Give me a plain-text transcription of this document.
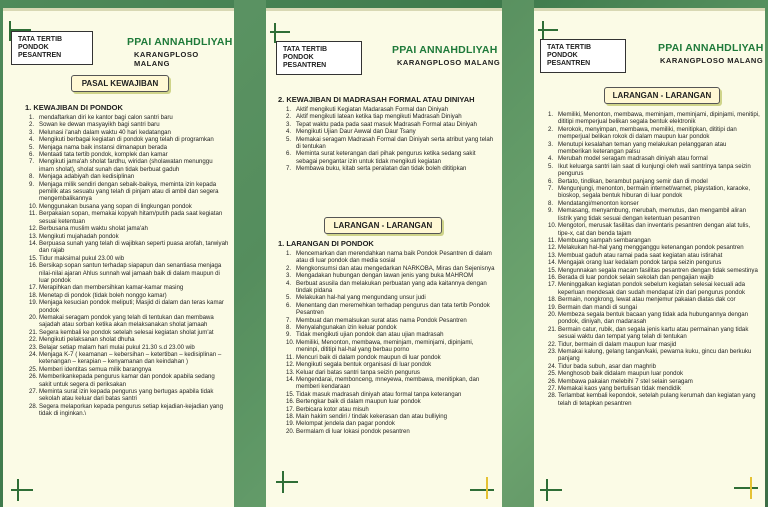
TATA TERTIB
PONDOK PESANTREN
PPAI ANNAHDLIYAH
KARANGPLOSO MALANG
PASAL KEWAJIBAN
1. KEWAJIBAN DI PONDOK
1. mendaftarkan diri ke kantor bagi calon santri baru
2. Sowan ke dewan masyayikh bagi santri baru
3. Melunasi i'anah dalam waktu 40 hari kedatangan
4. Mengikuti berbagai kegiatan di pondok yang telah di programkan
5. Menjaga nama baik instansi dimanapun berada
6. Mentaati tata tertib pondok, komplek dan kamar
7. Mengikuti jama'ah sholat fardhu, wiridan (sholawatan menunggu imam sholat), sholat sunah dan tidak berbuat gaduh
8. Menjaga adabiyah dan kedisiplinan
9. Menjaga milik sendiri dengan sebaik-baikya, meminta izin kepada pemilik atas sesuatu yang telah di pinjam atau di ambil dan segera mengembalikannya
10. Menggunakan busana yang sopan di lingkungan pondok
11. Berpakaian sopan, memakai kopyah hitam/putih pada saat kegiatan sesuai ketentuan
12. Berbusana muslim waktu sholat jama'ah
13. Mengikuti mujahadah pondok
14. Berpuasa sunah yang telah di wajibkan seperti puasa arofah, tarwiyah dan rajab
15. Tidur maksimal pukul 23.00 wib
16. Bersikap sopan santun terhadap siapapun dan senantiasa menjaga nilai-nilai ajaran Ahlus sunnah wal jamaah baik di dalam maupun di luar pondok
17. Merapihkan dan membersihkan kamar-kamar masing
18. Menetap di pondok (tidak boleh nonggo kamar)
19. Menjaga kesucian pondok meliputi; Masjid di dalam dan teras kamar pondok
20. Memakai seragam pondok yang telah di tentukan dan membawa sajadah atau sorban ketika akan melaksanakan sholat jamaah
21. Segera kembali ke pondok setelah selesai kegiatan sholat jum'at
22. Mengikuti pelaksanan sholat dhuha
23. Belajar setiap malam hari mulai pukul 21.30 s.d 23.00 wib
24. Menjaga K-7 ( keamanan – kebersihan – ketertiban – kedisiplinan – ketenangan – kerapian – kenyamanan dan keindahan )
25. Memberi identitas semua milik barangnya
26. Memberikankepada pengurus kamar dan pondok apabila sedang sakit untuk segera di periksakan
27. Meminta surat izin kepada pengurus yang bertugas apabila tidak sekolah atau keluar dari batas santri
28. Segera melaporkan kepada pengurus setiap kejadian-kejadian yang tidak di inginkan.\
TATA TERTIB
PONDOK PESANTREN
PPAI ANNAHDLIYAH
KARANGPLOSO MALANG
2. KEWAJIBAN DI MADRASAH FORMAL ATAU DINIYAH
1. Aktif mengikuti Kegiatan Madarasah Formal dan Diniyah
2. Aktif mengikuti latean ketika tiap mengikuti Madrasah Diniyah
3. Tepat waktu pada pada saat masuk Madrasah Formal atau Diniyah
4. Mengikuti Ujian Daur Awwal dan Daur Tsany
5. Memakai seragam Madrasah Formal dan Diniyah serta atribut yang telah di tentukan
6. Meminta surat keterangan dari pihak pengurus ketika sedang sakit sebagai pengantar izin untuk tidak mengikuti kegiatan
7. Membawa buku, kitab serta peralatan dan tidak boleh dititipkan
LARANGAN - LARANGAN
1. LARANGAN DI PONDOK
1. Mencemarkan dan merendahkan nama baik Pondok Pesantren di dalam atau di luar pondok dan media sosial
2. Mengkonsumsi dan atau mengedarkan NARKOBA, Miras dan Sejenisnya
3. Mengadakan hubungan dengan lawan jenis yang buka MAHROM
4. Berbuat asusila dan melakukan perbuatan yang ada kaitannya dengan tindak pidana
5. Melakukan hal-hal yang mengundang unsur judi
6. Menentang dan meremehkan terhadap pengurus dan tata tertib Pondok Pesantren
7. Membuat dan memalsukan surat atas nama Pondok Pesantren
8. Menyalahgunakan izin keluar pondok
9. Tidak mengikuti ujian pondok dan atau ujian madrasah
10. Memiliki, Menonton, membawa, meminjam, meminjami, dipinjami, meninpi, dititipi hal-hal yang berbau porno
11. Mencuri baik di dalam pondok maupun di luar pondok
12. Mengikuti segala bentuk organisasi di luar pondok
13. Keluar dari batas santri tanpa seizin pengurus
14. Mengendarai, membonceng, mneyewa, membawa, menitipkan, dan memberi kendaraan
15. Tidak masuk madrasah diniyah atau formal tanpa keterangan
16. Bertengkar baik di dalam maupun luar pondok
17. Berbicara kotor atau misuh
18. Main hakim sendiri / tindak kekerasan dan atau bulliying
19. Melompat jendela dan pagar pondok
20. Bermalam di luar lokasi pondok pesantren
TATA TERTIB
PONDOK PESANTREN
PPAI ANNAHDLIYAH
KARANGPLOSO MALANG
LARANGAN - LARANGAN
1. Memiliki, Menonton, membawa, meminjam, meminjami, dipinjami, menitipi, dititipi memperjual belikan segala bentuk elektronik
2. Merokok, menyimpan, membawa, memiliki, menitipkan, dititipi dan memperjual belikan rokok di dalam maupun luar pondok
3. Menutupi kesalahan teman yang melakukan pelanggaran atau memberikan keterangan palsu
4. Merubah model seragam madrasah diniyah atau formal
5. Ikut keluarga santri lain saat di kunjungi oleh wali santrinya tanpa seizin pengurus
6. Bertato, tindikan, berambut panjang semir dan di model
7. Mengunjungi, menonton, bermain internet/warnet, playstation, karaoke, bioskop, segala bentuk hiburan di luar pondok
8. Mendatangi/menonton konser
9. Memasang, menyambung, merubah, memutus, dan mengambil aliran listrik yang tidak sesuai dengan ketentuan pesantren
10. Mengotori, merusak fasilitas dan inventaris pesantren dengan alat tulis, tipe-x, cat dan benda tajam
11. Membuang sampah sembarangan
12. Melakukan hal-hal yang mengganggu ketenangan pondok pesantren
13. Membuat gaduh atau ramai pada saat kegiatan atau istirahat
14. Mengajak orang luar kedalam pondok tanpa seizin pengurus
15. Mengunnakan segala macam fasilitas pesantren dengan tidak semestinya
16. Berada di luar pondok selain sekolah dan pengajian wajib
17. Meninggalkan kegiatan pondok sebelum kegiatan selesai kecuali ada keperluan mendesak dan sudah mendapat izin dari pengurus pondok
18. Bermain, nongkrong, lewat atau menjemur pakaian diatas dak cor
19. Bermain dan mandi di sungai
20. Membeza segala bentuk bacaan yang tidak ada hubungannya dengan pondok, diniyah, dan madarasah
21. Bermain catur, rubik, dan segala jenis kartu atau permainan yang tidak sesuai waktu dan tempat yang telah di tentukan
22. Tidur, bermain di dalam maupun luar masjid
23. Memakai kalung, gelang tangan/kaki, pewarna kuku, gincu dan berkuku panjang
24. Tidur bada subuh, asar dan maghrib
25. Menghosob baik didalam maupun luar pondok
26. Membawa pakaian melebihi 7 stel selain seragam
27. Memakai kaos yang bertulisan tidak mendidik
28. Terlambat kembali kepondok, setelah pulang kerumah dan kegiatan yang telah di tetapkan pesantren
